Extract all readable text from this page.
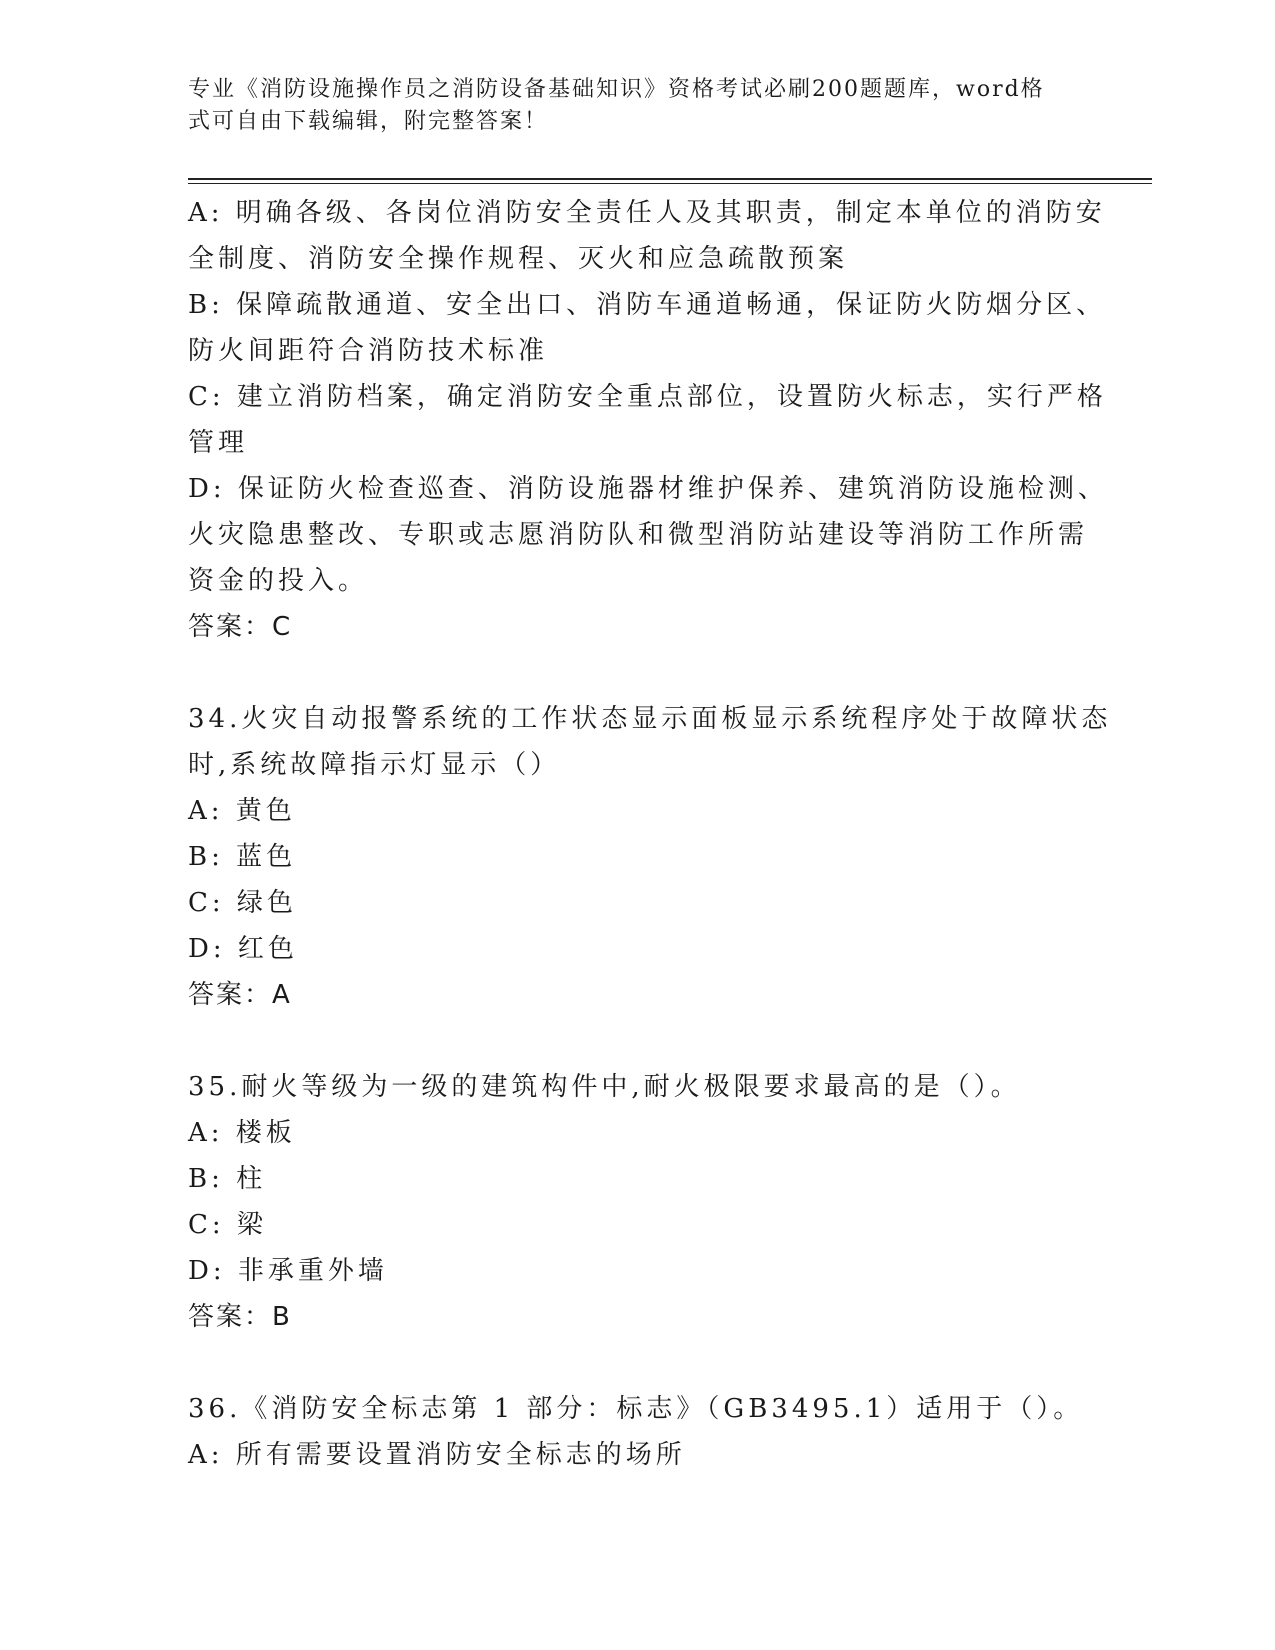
专业《消防设施操作员之消防设备基础知识》资格考试必刷200题题库，word格

式可自由下载编辑，附完整答案！

A: 明确各级、各岗位消防安全责任人及其职责，制定本单位的消防安

全制度、消防安全操作规程、灭火和应急疏散预案

B: 保障疏散通道、安全出口、消防车通道畅通，保证防火防烟分区、

防火间距符合消防技术标准

C: 建立消防档案，确定消防安全重点部位，设置防火标志，实行严格

管理

D: 保证防火检查巡查、消防设施器材维护保养、建筑消防设施检测、

火灾隐患整改、专职或志愿消防队和微型消防站建设等消防工作所需

资金的投入。

答案：C

34.火灾自动报警系统的工作状态显示面板显示系统程序处于故障状态

时,系统故障指示灯显示（）

A: 黄色

B: 蓝色

C: 绿色

D: 红色

答案：A

35.耐火等级为一级的建筑构件中,耐火极限要求最高的是（）。

A: 楼板

B: 柱

C: 梁

D: 非承重外墙

答案：B

36.《消防安全标志第 1 部分：标志》（GB3495.1）适用于（）。

A: 所有需要设置消防安全标志的场所
